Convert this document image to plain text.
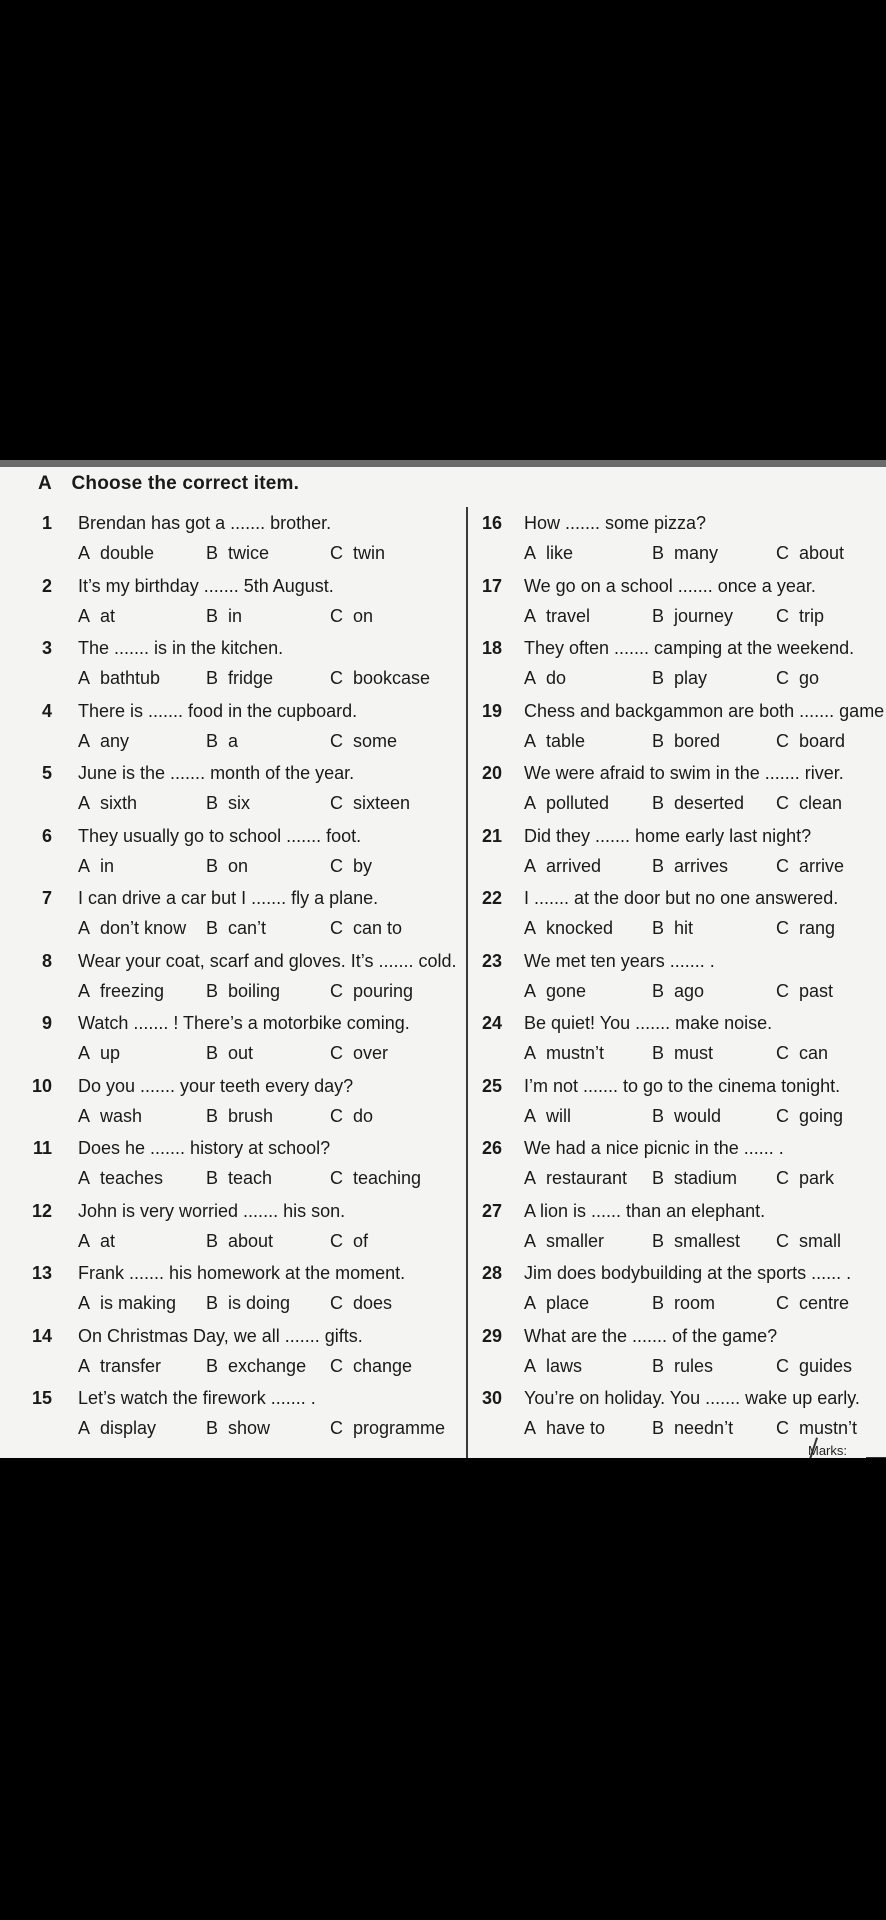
A Choose the correct item.
1 Brendan has got a ....... brother.
A double	B twice	C twin
2 It’s my birthday ....... 5th August.
A at	B in	C on
3 The ....... is in the kitchen.
A bathtub	B fridge	C bookcase
4 There is ....... food in the cupboard.
A any	B a	C some
5 June is the ....... month of the year.
A sixth	B six	C sixteen
6 They usually go to school ....... foot.
A in	B on	C by
7 I can drive a car but I ....... fly a plane.
A don’t know B can’t	C can to
8 Wear your coat, scarf and gloves. It’s ....... cold.
A freezing B boiling	C pouring
9 Watch ....... ! There’s a motorbike coming.
A up	B out	C over
10 Do you ....... your teeth every day?
A wash	B brush	C do
11 Does he ....... history at school?
A teaches B teach	C teaching
12 John is very worried ....... his son.
A at	B about	C of
13 Frank ....... his homework at the moment.
A is making B is doing C does
14 On Christmas Day, we all ....... gifts.
A transfer B exchange C change
15 Let’s watch the firework ....... .
A display	B show	C programme
16 How ....... some pizza?
A like	B many	C about
17 We go on a school ....... once a year.
A travel	B journey C trip
18 They often ....... camping at the weekend.
A do	B play	C go
19 Chess and backgammon are both ....... game
A table	B bored	C board
20 We were afraid to swim in the ....... river.
A polluted B deserted C clean
21 Did they ....... home early last night?
A arrived	B arrives	C arrive
22 I ....... at the door but no one answered.
A knocked B hit	C rang
23 We met ten years ....... .
A gone	B ago	C past
24 Be quiet! You ....... make noise.
A mustn’t	B must	C can
25 I’m not ....... to go to the cinema tonight.
A will	B would	C going
26 We had a nice picnic in the ...... .
A restaurant B stadium C park
27 A lion is ...... than an elephant.
A smaller	B smallest C small
28 Jim does bodybuilding at the sports ...... .
A place	B room	C centre
29 What are the ....... of the game?
A laws	B rules	C guides
30 You’re on holiday. You ....... wake up early.
A have to	B needn’t C mustn’t
Marks:
